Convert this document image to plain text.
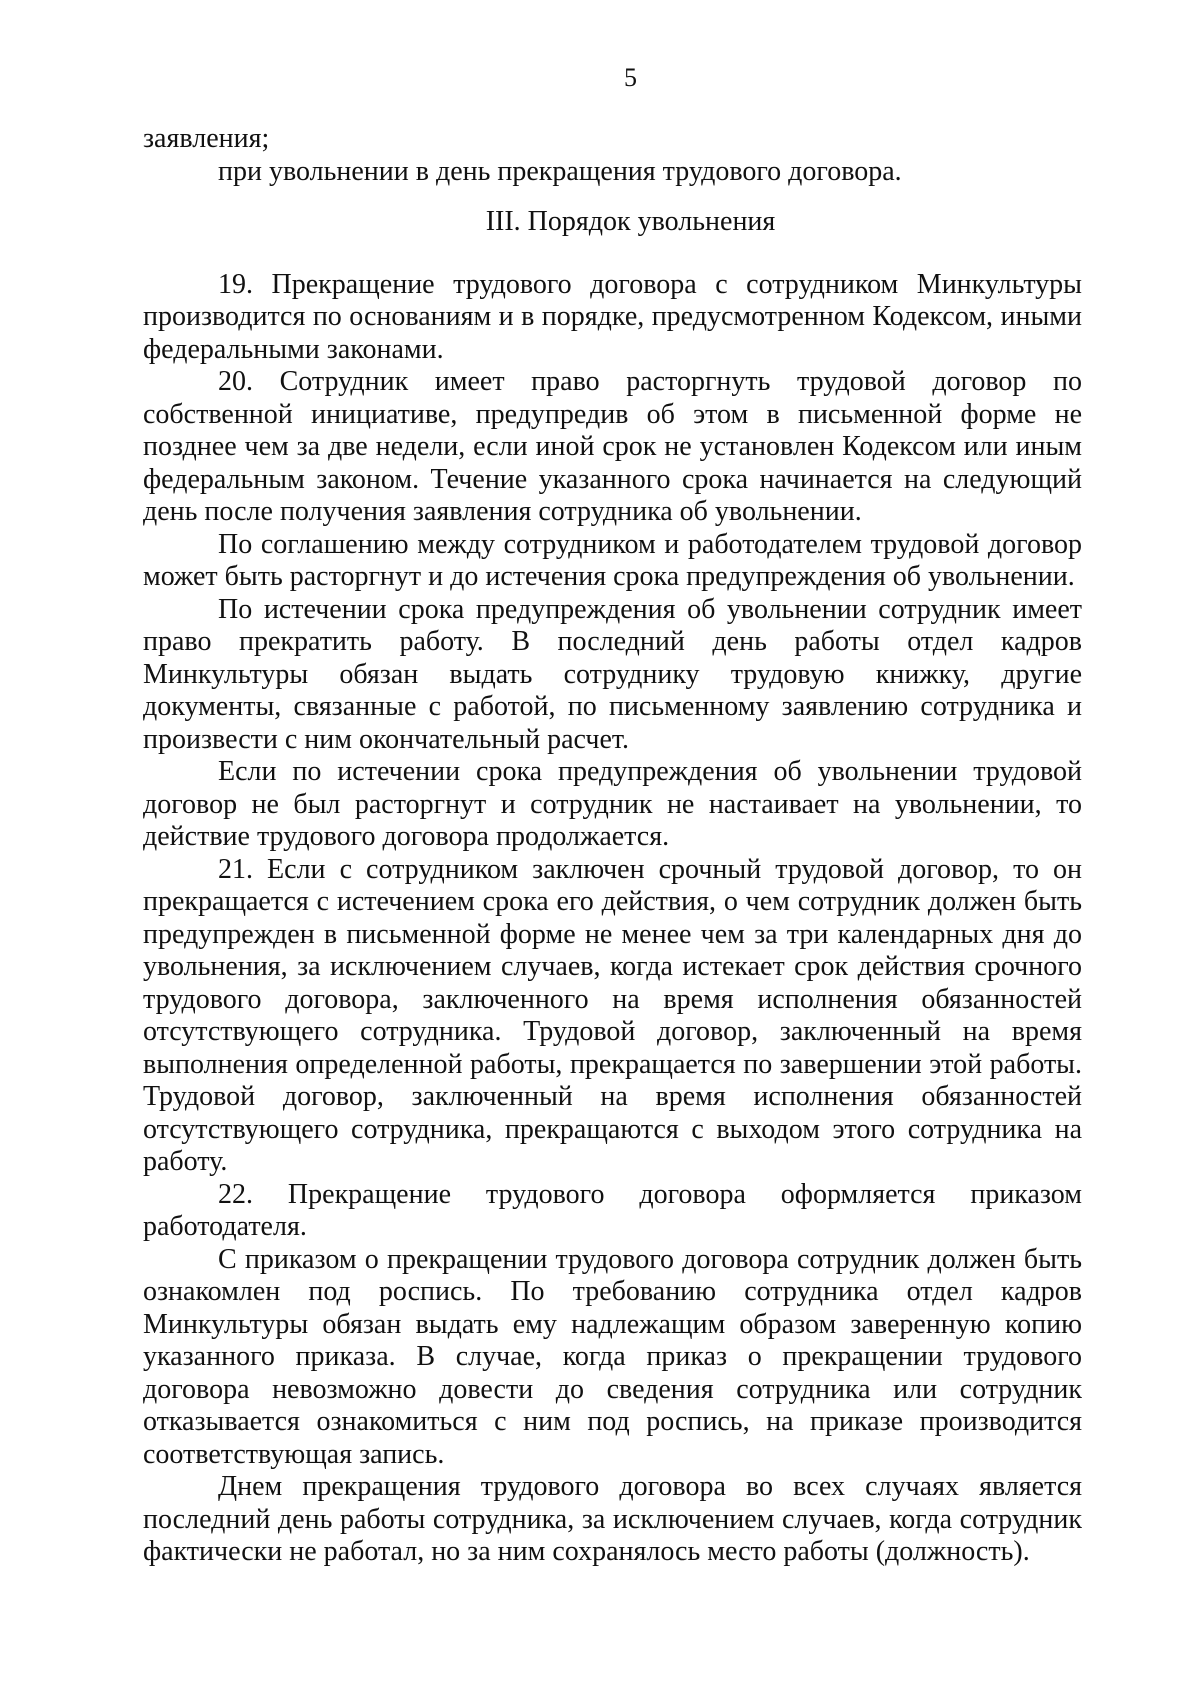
5

заявления;

при увольнении в день прекращения трудового договора.

III. Порядок увольнения

19. Прекращение трудового договора с сотрудником Минкультуры производится по основаниям и в порядке, предусмотренном Кодексом, иными федеральными законами.

20. Сотрудник имеет право расторгнуть трудовой договор по собственной инициативе, предупредив об этом в письменной форме не позднее чем за две недели, если иной срок не установлен Кодексом или иным федеральным законом. Течение указанного срока начинается на следующий день после получения заявления сотрудника об увольнении.

По соглашению между сотрудником и работодателем трудовой договор может быть расторгнут и до истечения срока предупреждения об увольнении.

По истечении срока предупреждения об увольнении сотрудник имеет право прекратить работу. В последний день работы отдел кадров Минкультуры обязан выдать сотруднику трудовую книжку, другие документы, связанные с работой, по письменному заявлению сотрудника и произвести с ним окончательный расчет.

Если по истечении срока предупреждения об увольнении трудовой договор не был расторгнут и сотрудник не настаивает на увольнении, то действие трудового договора продолжается.

21. Если с сотрудником заключен срочный трудовой договор, то он прекращается с истечением срока его действия, о чем сотрудник должен быть предупрежден в письменной форме не менее чем за три календарных дня до увольнения, за исключением случаев, когда истекает срок действия срочного трудового договора, заключенного на время исполнения обязанностей отсутствующего сотрудника. Трудовой договор, заключенный на время выполнения определенной работы, прекращается по завершении этой работы. Трудовой договор, заключенный на время исполнения обязанностей отсутствующего сотрудника, прекращаются с выходом этого сотрудника на работу.

22. Прекращение трудового договора оформляется приказом работодателя.

С приказом о прекращении трудового договора сотрудник должен быть ознакомлен под роспись. По требованию сотрудника отдел кадров Минкультуры обязан выдать ему надлежащим образом заверенную копию указанного приказа. В случае, когда приказ о прекращении трудового договора невозможно довести до сведения сотрудника или сотрудник отказывается ознакомиться с ним под роспись, на приказе производится соответствующая запись.

Днем прекращения трудового договора во всех случаях является последний день работы сотрудника, за исключением случаев, когда сотрудник фактически не работал, но за ним сохранялось место работы (должность).
